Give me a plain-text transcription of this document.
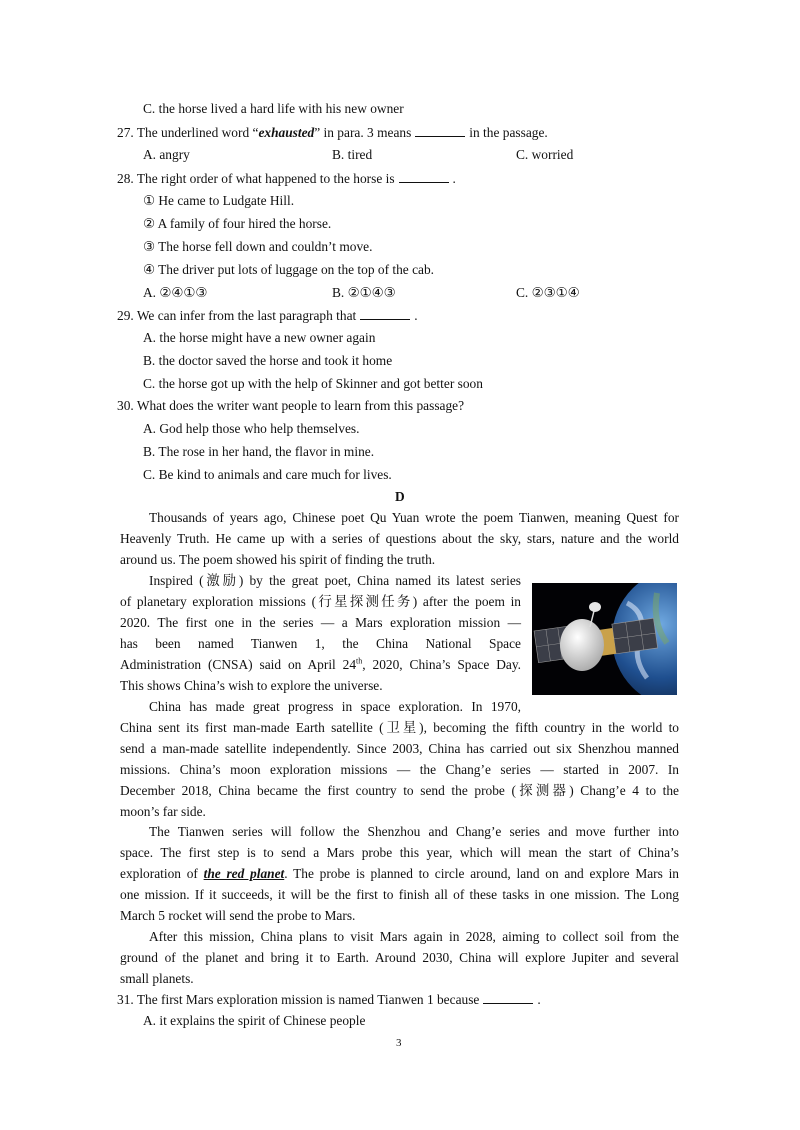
C. the horse lived a hard life with his new owner
27. The underlined word “exhausted” in para. 3 means	in the passage.
A. angry	B. tired	C. worried
28. The right order of what happened to the horse is	.
① He came to Ludgate Hill.
② A family of four hired the horse.
③ The horse fell down and couldn’t move.
④ The driver put lots of luggage on the top of the cab.
A. ②④①③	B. ②①④③	C. ②③①④
29. We can infer from the last paragraph that	.
A. the horse might have a new owner again
B. the doctor saved the horse and took it home
C. the horse got up with the help of Skinner and got better soon
30. What does the writer want people to learn from this passage?
A. God help those who help themselves.
B. The rose in her hand, the flavor in mine.
C. Be kind to animals and care much for lives.
D
Thousands of years ago, Chinese poet Qu Yuan wrote the poem Tianwen, meaning Quest for
Heavenly Truth. He came up with a series of questions about the sky, stars, nature and the world
around us. The poem showed his spirit of finding the truth.
Inspired (激励) by the great poet, China named its latest series
of planetary exploration missions (行星探测任务) after the poem in
2020. The first one in the series — a Mars exploration mission —
has been named Tianwen 1, the China National Space
Administration (CNSA) said on April 24th, 2020, China’s Space Day.
This shows China’s wish to explore the universe.
China has made great progress in space exploration. In 1970,
China sent its first man-made Earth satellite (卫星), becoming the fifth country in the world to
send a man-made satellite independently. Since 2003, China has carried out six Shenzhou manned
missions. China’s moon exploration missions — the Chang’e series — started in 2007. In
December 2018, China became the first country to send the probe (探测器) Chang’e 4 to the
moon’s far side.
The Tianwen series will follow the Shenzhou and Chang’e series and move further into
space. The first step is to send a Mars probe this year, which will mean the start of China’s
exploration of the red planet. The probe is planned to circle around, land on and explore Mars in
one mission. If it succeeds, it will be the first to finish all of these tasks in one mission. The Long
March 5 rocket will send the probe to Mars.
After this mission, China plans to visit Mars again in 2028, aiming to collect soil from the
ground of the planet and bring it to Earth. Around 2030, China will explore Jupiter and several
small planets.
31. The first Mars exploration mission is named Tianwen 1 because	.
A. it explains the spirit of Chinese people
3
